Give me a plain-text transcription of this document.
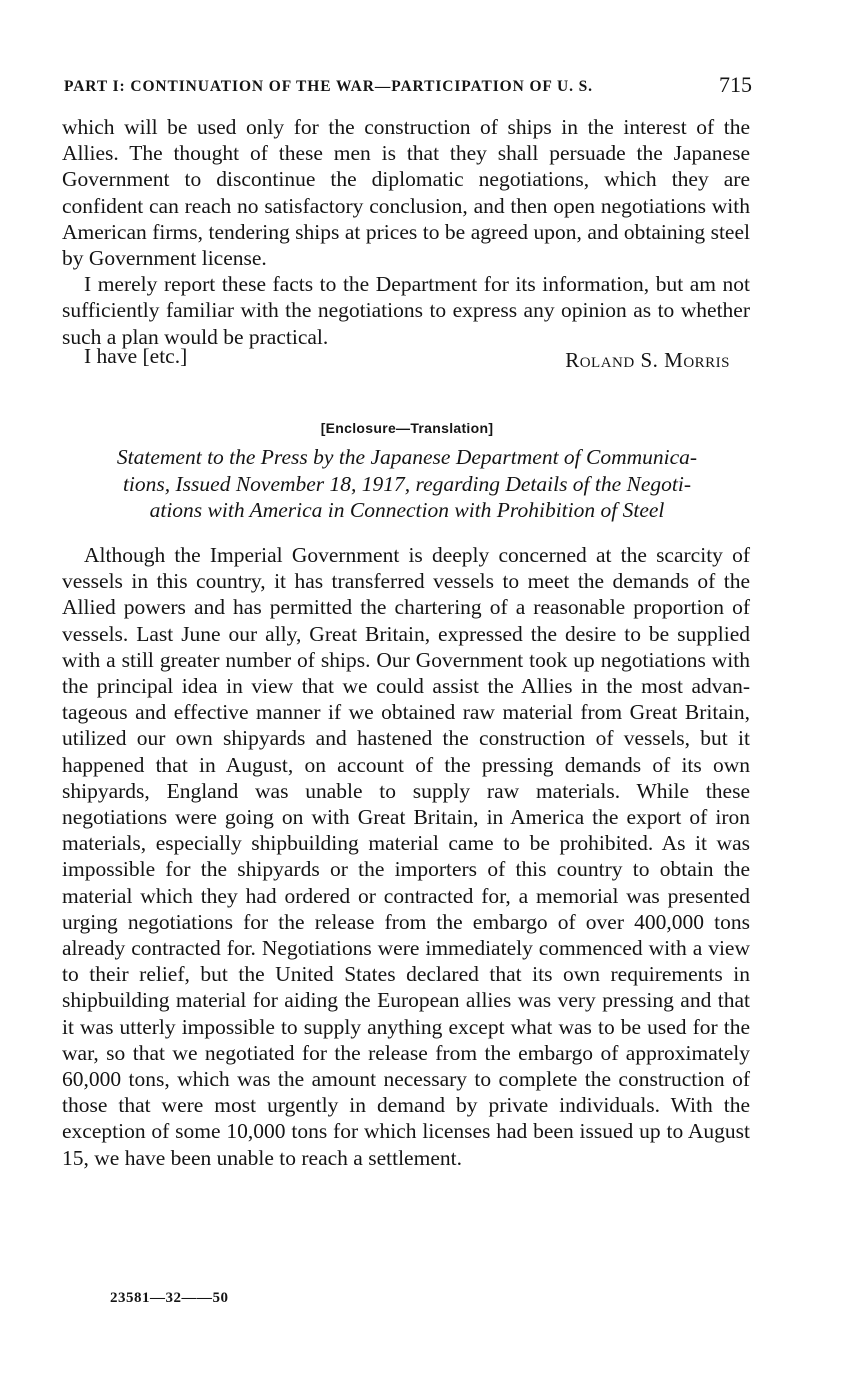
PART I: CONTINUATION OF THE WAR—PARTICIPATION OF U. S.	715

which will be used only for the construction of ships in the interest of the Allies. The thought of these men is that they shall persuade the Japanese Government to discontinue the diplomatic negotiations, which they are confident can reach no satisfactory conclusion, and then open negotiations with American firms, tendering ships at prices to be agreed upon, and obtaining steel by Government license.

I merely report these facts to the Department for its information, but am not sufficiently familiar with the negotiations to express any opinion as to whether such a plan would be practical.

I have [etc.]	Roland S. Morris
[Enclosure—Translation]
Statement to the Press by the Japanese Department of Communica-
tions, Issued November 18, 1917, regarding Details of the Negoti-
ations with America in Connection with Prohibition of Steel

Although the Imperial Government is deeply concerned at the scarcity of vessels in this country, it has transferred vessels to meet the demands of the Allied powers and has permitted the chartering of a reasonable proportion of vessels. Last June our ally, Great Britain, expressed the desire to be supplied with a still greater number of ships. Our Government took up negotiations with the principal idea in view that we could assist the Allies in the most advantageous and effective manner if we obtained raw material from Great Britain, utilized our own shipyards and hastened the construction of vessels, but it happened that in August, on account of the pressing demands of its own shipyards, England was unable to supply raw materials. While these negotiations were going on with Great Britain, in America the export of iron materials, especially shipbuilding material came to be prohibited. As it was impossible for the shipyards or the importers of this country to obtain the material which they had ordered or contracted for, a memorial was presented urging negotiations for the release from the embargo of over 400,000 tons already contracted for. Negotiations were immediately commenced with a view to their relief, but the United States declared that its own requirements in shipbuilding material for aiding the European allies was very pressing and that it was utterly impossible to supply anything except what was to be used for the war, so that we negotiated for the release from the embargo of approximately 60,000 tons, which was the amount necessary to complete the construction of those that were most urgently in demand by private individuals. With the exception of some 10,000 tons for which licenses had been issued up to August 15, we have been unable to reach a settlement.

23581—32——50
